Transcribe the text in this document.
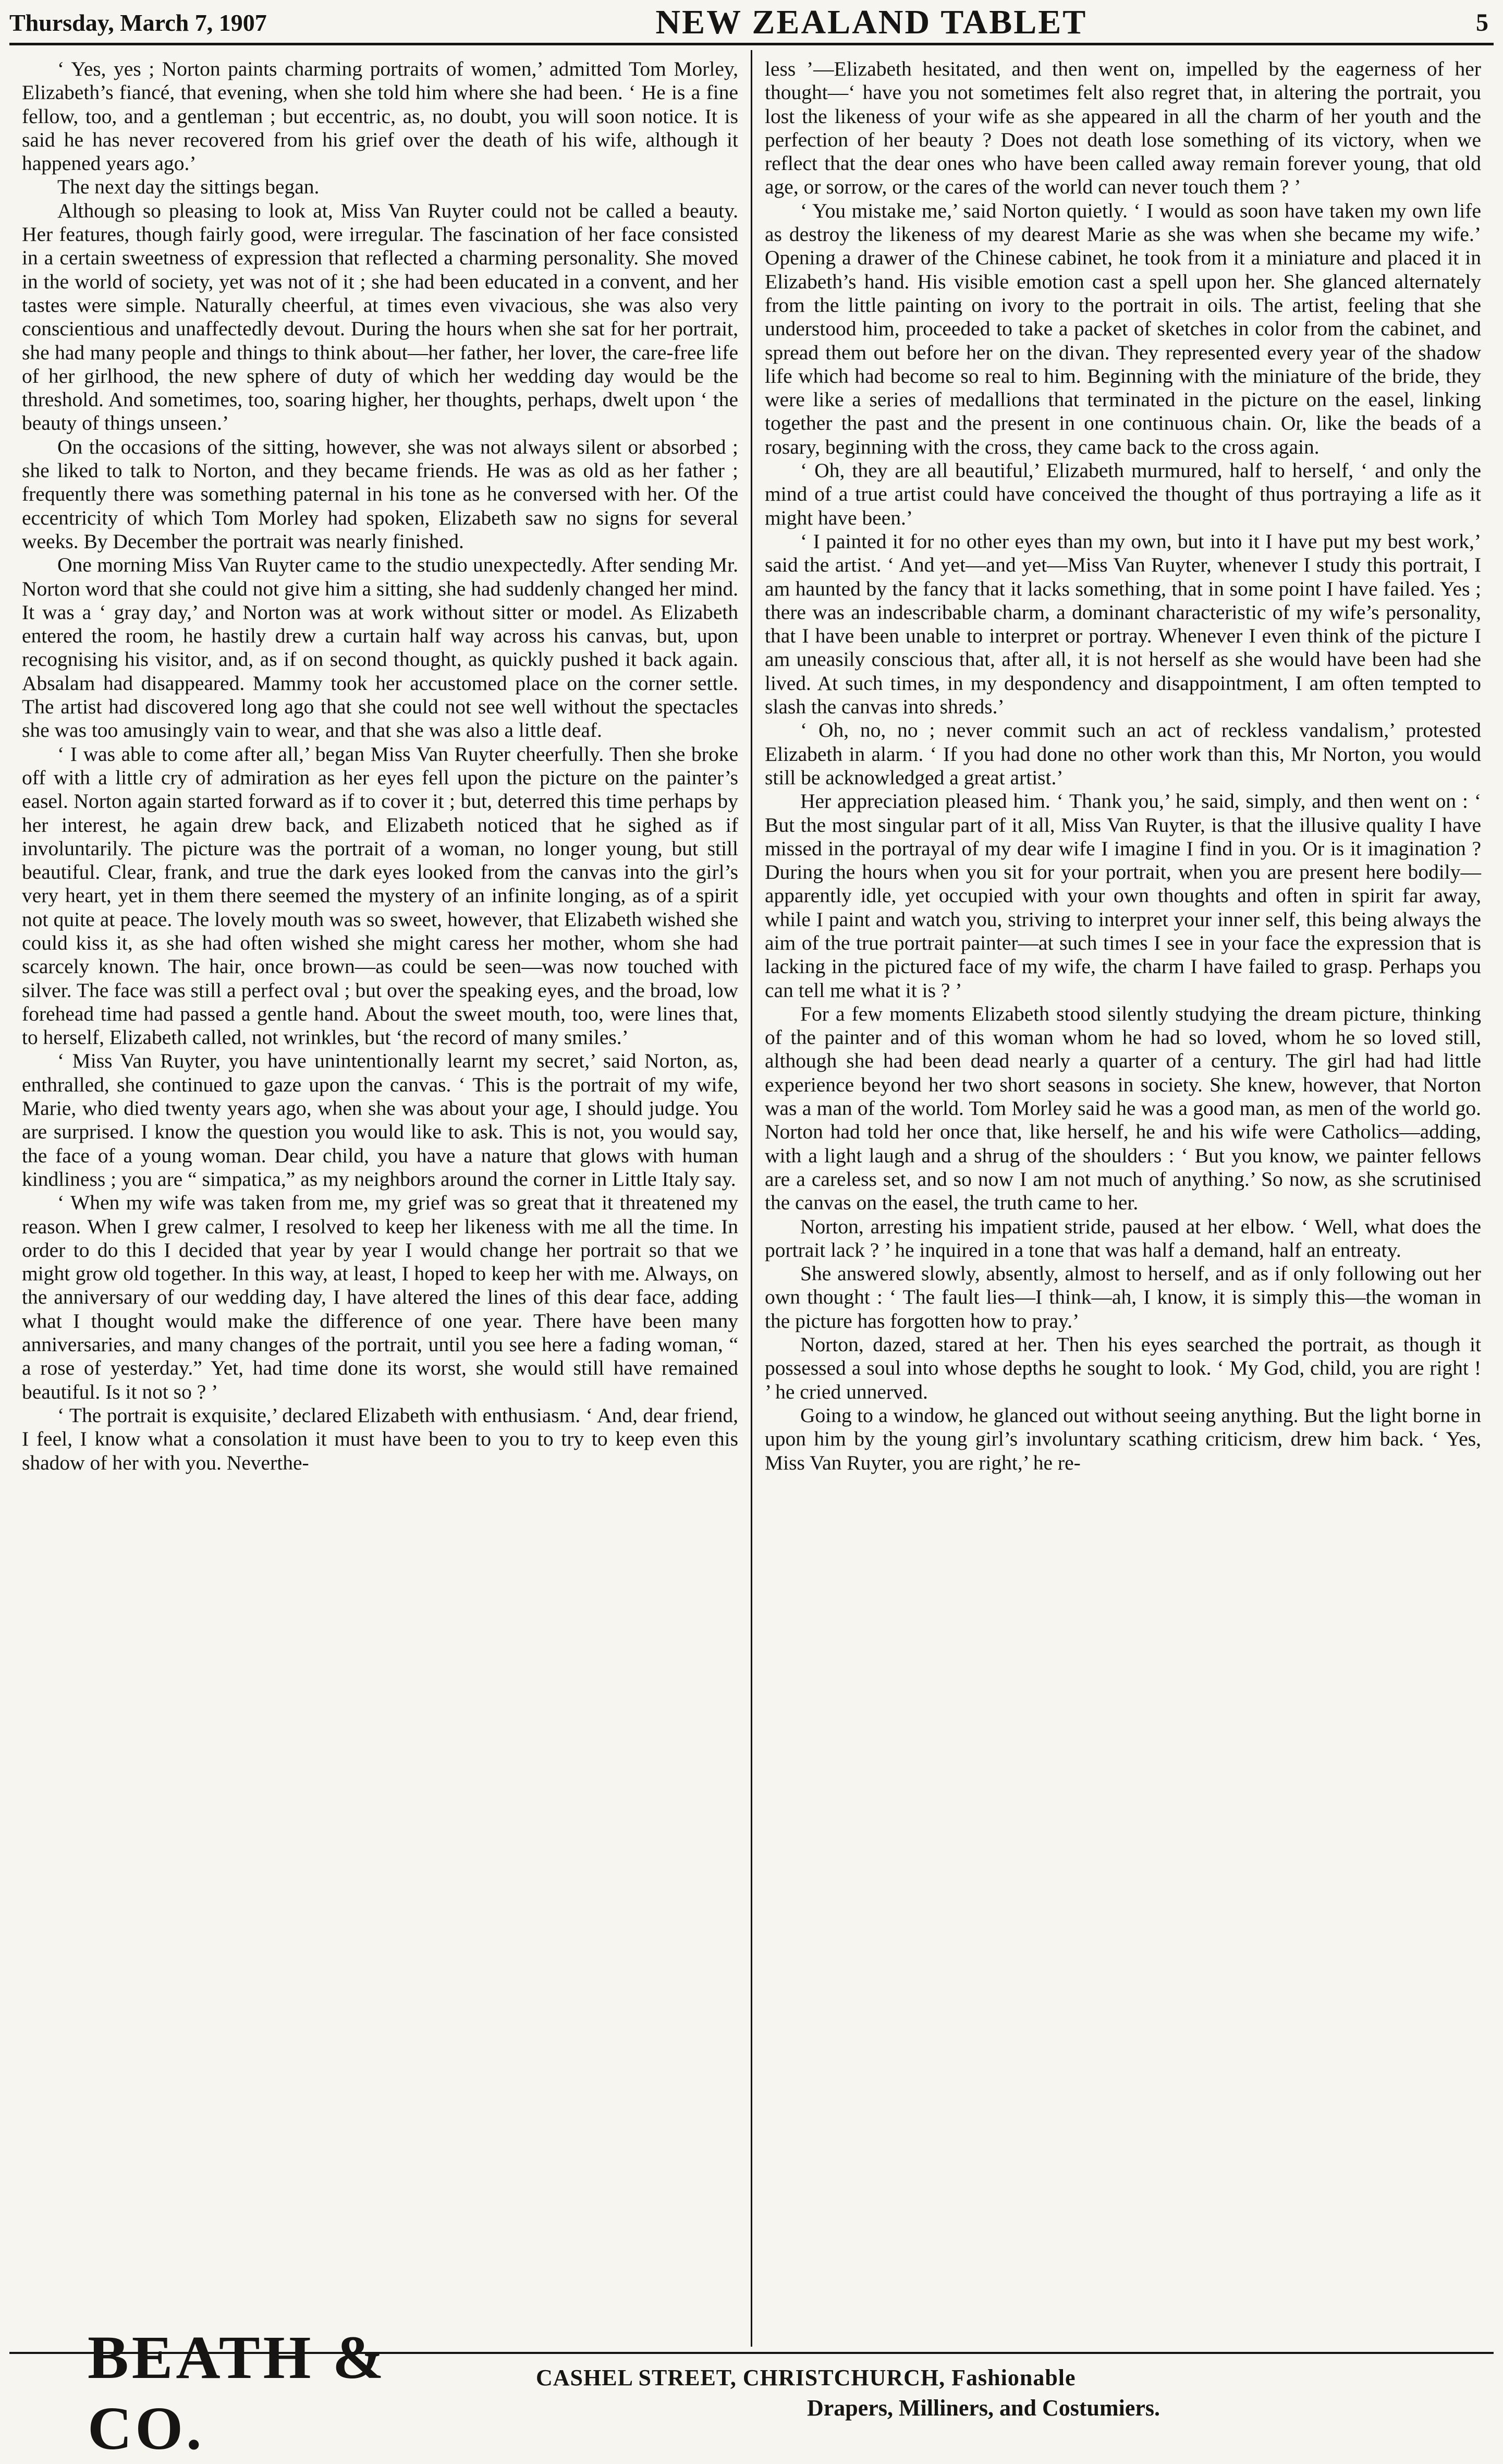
Thursday, March 7, 1907	NEW ZEALAND TABLET	5

‘ Yes, yes ; Norton paints charming portraits of women,’ admitted Tom Morley, Elizabeth’s fiancé, that evening, when she told him where she had been. ‘ He is a fine fellow, too, and a gentleman ; but eccentric, as, no doubt, you will soon notice. It is said he has never recovered from his grief over the death of his wife, although it happened years ago.’

The next day the sittings began.

Although so pleasing to look at, Miss Van Ruyter could not be called a beauty. Her features, though fairly good, were irregular. The fascination of her face consisted in a certain sweetness of expression that reflected a charming personality. She moved in the world of society, yet was not of it ; she had been educated in a convent, and her tastes were simple. Naturally cheerful, at times even vivacious, she was also very conscientious and unaffectedly devout. During the hours when she sat for her portrait, she had many people and things to think about—her father, her lover, the care-free life of her girlhood, the new sphere of duty of which her wedding day would be the threshold. And sometimes, too, soaring higher, her thoughts, perhaps, dwelt upon ‘ the beauty of things unseen.’

On the occasions of the sitting, however, she was not always silent or absorbed ; she liked to talk to Norton, and they became friends. He was as old as her father ; frequently there was something paternal in his tone as he conversed with her. Of the eccentricity of which Tom Morley had spoken, Elizabeth saw no signs for several weeks. By December the portrait was nearly finished.

One morning Miss Van Ruyter came to the studio unexpectedly. After sending Mr. Norton word that she could not give him a sitting, she had suddenly changed her mind. It was a ‘ gray day,’ and Norton was at work without sitter or model. As Elizabeth entered the room, he hastily drew a curtain half way across his canvas, but, upon recognising his visitor, and, as if on second thought, as quickly pushed it back again. Absalam had disappeared. Mammy took her accustomed place on the corner settle. The artist had discovered long ago that she could not see well without the spectacles she was too amusingly vain to wear, and that she was also a little deaf.

‘ I was able to come after all,’ began Miss Van Ruyter cheerfully. Then she broke off with a little cry of admiration as her eyes fell upon the picture on the painter’s easel. Norton again started forward as if to cover it ; but, deterred this time perhaps by her interest, he again drew back, and Elizabeth noticed that he sighed as if involuntarily. The picture was the portrait of a woman, no longer young, but still beautiful. Clear, frank, and true the dark eyes looked from the canvas into the girl’s very heart, yet in them there seemed the mystery of an infinite longing, as of a spirit not quite at peace. The lovely mouth was so sweet, however, that Elizabeth wished she could kiss it, as she had often wished she might caress her mother, whom she had scarcely known. The hair, once brown—as could be seen—was now touched with silver. The face was still a perfect oval ; but over the speaking eyes, and the broad, low forehead time had passed a gentle hand. About the sweet mouth, too, were lines that, to herself, Elizabeth called, not wrinkles, but ‘the record of many smiles.’

‘ Miss Van Ruyter, you have unintentionally learnt my secret,’ said Norton, as, enthralled, she continued to gaze upon the canvas. ‘ This is the portrait of my wife, Marie, who died twenty years ago, when she was about your age, I should judge. You are surprised. I know the question you would like to ask. This is not, you would say, the face of a young woman. Dear child, you have a nature that glows with human kindliness ; you are “ simpatica,” as my neighbors around the corner in Little Italy say.

‘ When my wife was taken from me, my grief was so great that it threatened my reason. When I grew calmer, I resolved to keep her likeness with me all the time. In order to do this I decided that year by year I would change her portrait so that we might grow old together. In this way, at least, I hoped to keep her with me. Always, on the anniversary of our wedding day, I have altered the lines of this dear face, adding what I thought would make the difference of one year. There have been many anniversaries, and many changes of the portrait, until you see here a fading woman, “ a rose of yesterday.” Yet, had time done its worst, she would still have remained beautiful. Is it not so ? ’

‘ The portrait is exquisite,’ declared Elizabeth with enthusiasm. ‘ And, dear friend, I feel, I know what a consolation it must have been to you to try to keep even this shadow of her with you. Neverthe-

less ’—Elizabeth hesitated, and then went on, impelled by the eagerness of her thought—‘ have you not sometimes felt also regret that, in altering the portrait, you lost the likeness of your wife as she appeared in all the charm of her youth and the perfection of her beauty ? Does not death lose something of its victory, when we reflect that the dear ones who have been called away remain forever young, that old age, or sorrow, or the cares of the world can never touch them ? ’

‘ You mistake me,’ said Norton quietly. ‘ I would as soon have taken my own life as destroy the likeness of my dearest Marie as she was when she became my wife.’ Opening a drawer of the Chinese cabinet, he took from it a miniature and placed it in Elizabeth’s hand. His visible emotion cast a spell upon her. She glanced alternately from the little painting on ivory to the portrait in oils. The artist, feeling that she understood him, proceeded to take a packet of sketches in color from the cabinet, and spread them out before her on the divan. They represented every year of the shadow life which had become so real to him. Beginning with the miniature of the bride, they were like a series of medallions that terminated in the picture on the easel, linking together the past and the present in one continuous chain. Or, like the beads of a rosary, beginning with the cross, they came back to the cross again.

‘ Oh, they are all beautiful,’ Elizabeth murmured, half to herself, ‘ and only the mind of a true artist could have conceived the thought of thus portraying a life as it might have been.’

‘ I painted it for no other eyes than my own, but into it I have put my best work,’ said the artist. ‘ And yet—and yet—Miss Van Ruyter, whenever I study this portrait, I am haunted by the fancy that it lacks something, that in some point I have failed. Yes ; there was an indescribable charm, a dominant characteristic of my wife’s personality, that I have been unable to interpret or portray. Whenever I even think of the picture I am uneasily conscious that, after all, it is not herself as she would have been had she lived. At such times, in my despondency and disappointment, I am often tempted to slash the canvas into shreds.’

‘ Oh, no, no ; never commit such an act of reckless vandalism,’ protested Elizabeth in alarm. ‘ If you had done no other work than this, Mr Norton, you would still be acknowledged a great artist.’

Her appreciation pleased him. ‘ Thank you,’ he said, simply, and then went on : ‘ But the most singular part of it all, Miss Van Ruyter, is that the illusive quality I have missed in the portrayal of my dear wife I imagine I find in you. Or is it imagination ? During the hours when you sit for your portrait, when you are present here bodily—apparently idle, yet occupied with your own thoughts and often in spirit far away, while I paint and watch you, striving to interpret your inner self, this being always the aim of the true portrait painter—at such times I see in your face the expression that is lacking in the pictured face of my wife, the charm I have failed to grasp. Perhaps you can tell me what it is ? ’

For a few moments Elizabeth stood silently studying the dream picture, thinking of the painter and of this woman whom he had so loved, whom he so loved still, although she had been dead nearly a quarter of a century. The girl had had little experience beyond her two short seasons in society. She knew, however, that Norton was a man of the world. Tom Morley said he was a good man, as men of the world go. Norton had told her once that, like herself, he and his wife were Catholics—adding, with a light laugh and a shrug of the shoulders : ‘ But you know, we painter fellows are a careless set, and so now I am not much of anything.’ So now, as she scrutinised the canvas on the easel, the truth came to her.

Norton, arresting his impatient stride, paused at her elbow. ‘ Well, what does the portrait lack ? ’ he inquired in a tone that was half a demand, half an entreaty.

She answered slowly, absently, almost to herself, and as if only following out her own thought : ‘ The fault lies—I think—ah, I know, it is simply this—the woman in the picture has forgotten how to pray.’

Norton, dazed, stared at her. Then his eyes searched the portrait, as though it possessed a soul into whose depths he sought to look. ‘ My God, child, you are right ! ’ he cried unnerved.

Going to a window, he glanced out without seeing anything. But the light borne in upon him by the young girl’s involuntary scathing criticism, drew him back. ‘ Yes, Miss Van Ruyter, you are right,’ he re-

BEATH & CO.
CASHEL STREET, CHRISTCHURCH, Fashionable
Drapers, Milliners, and Costumiers.
